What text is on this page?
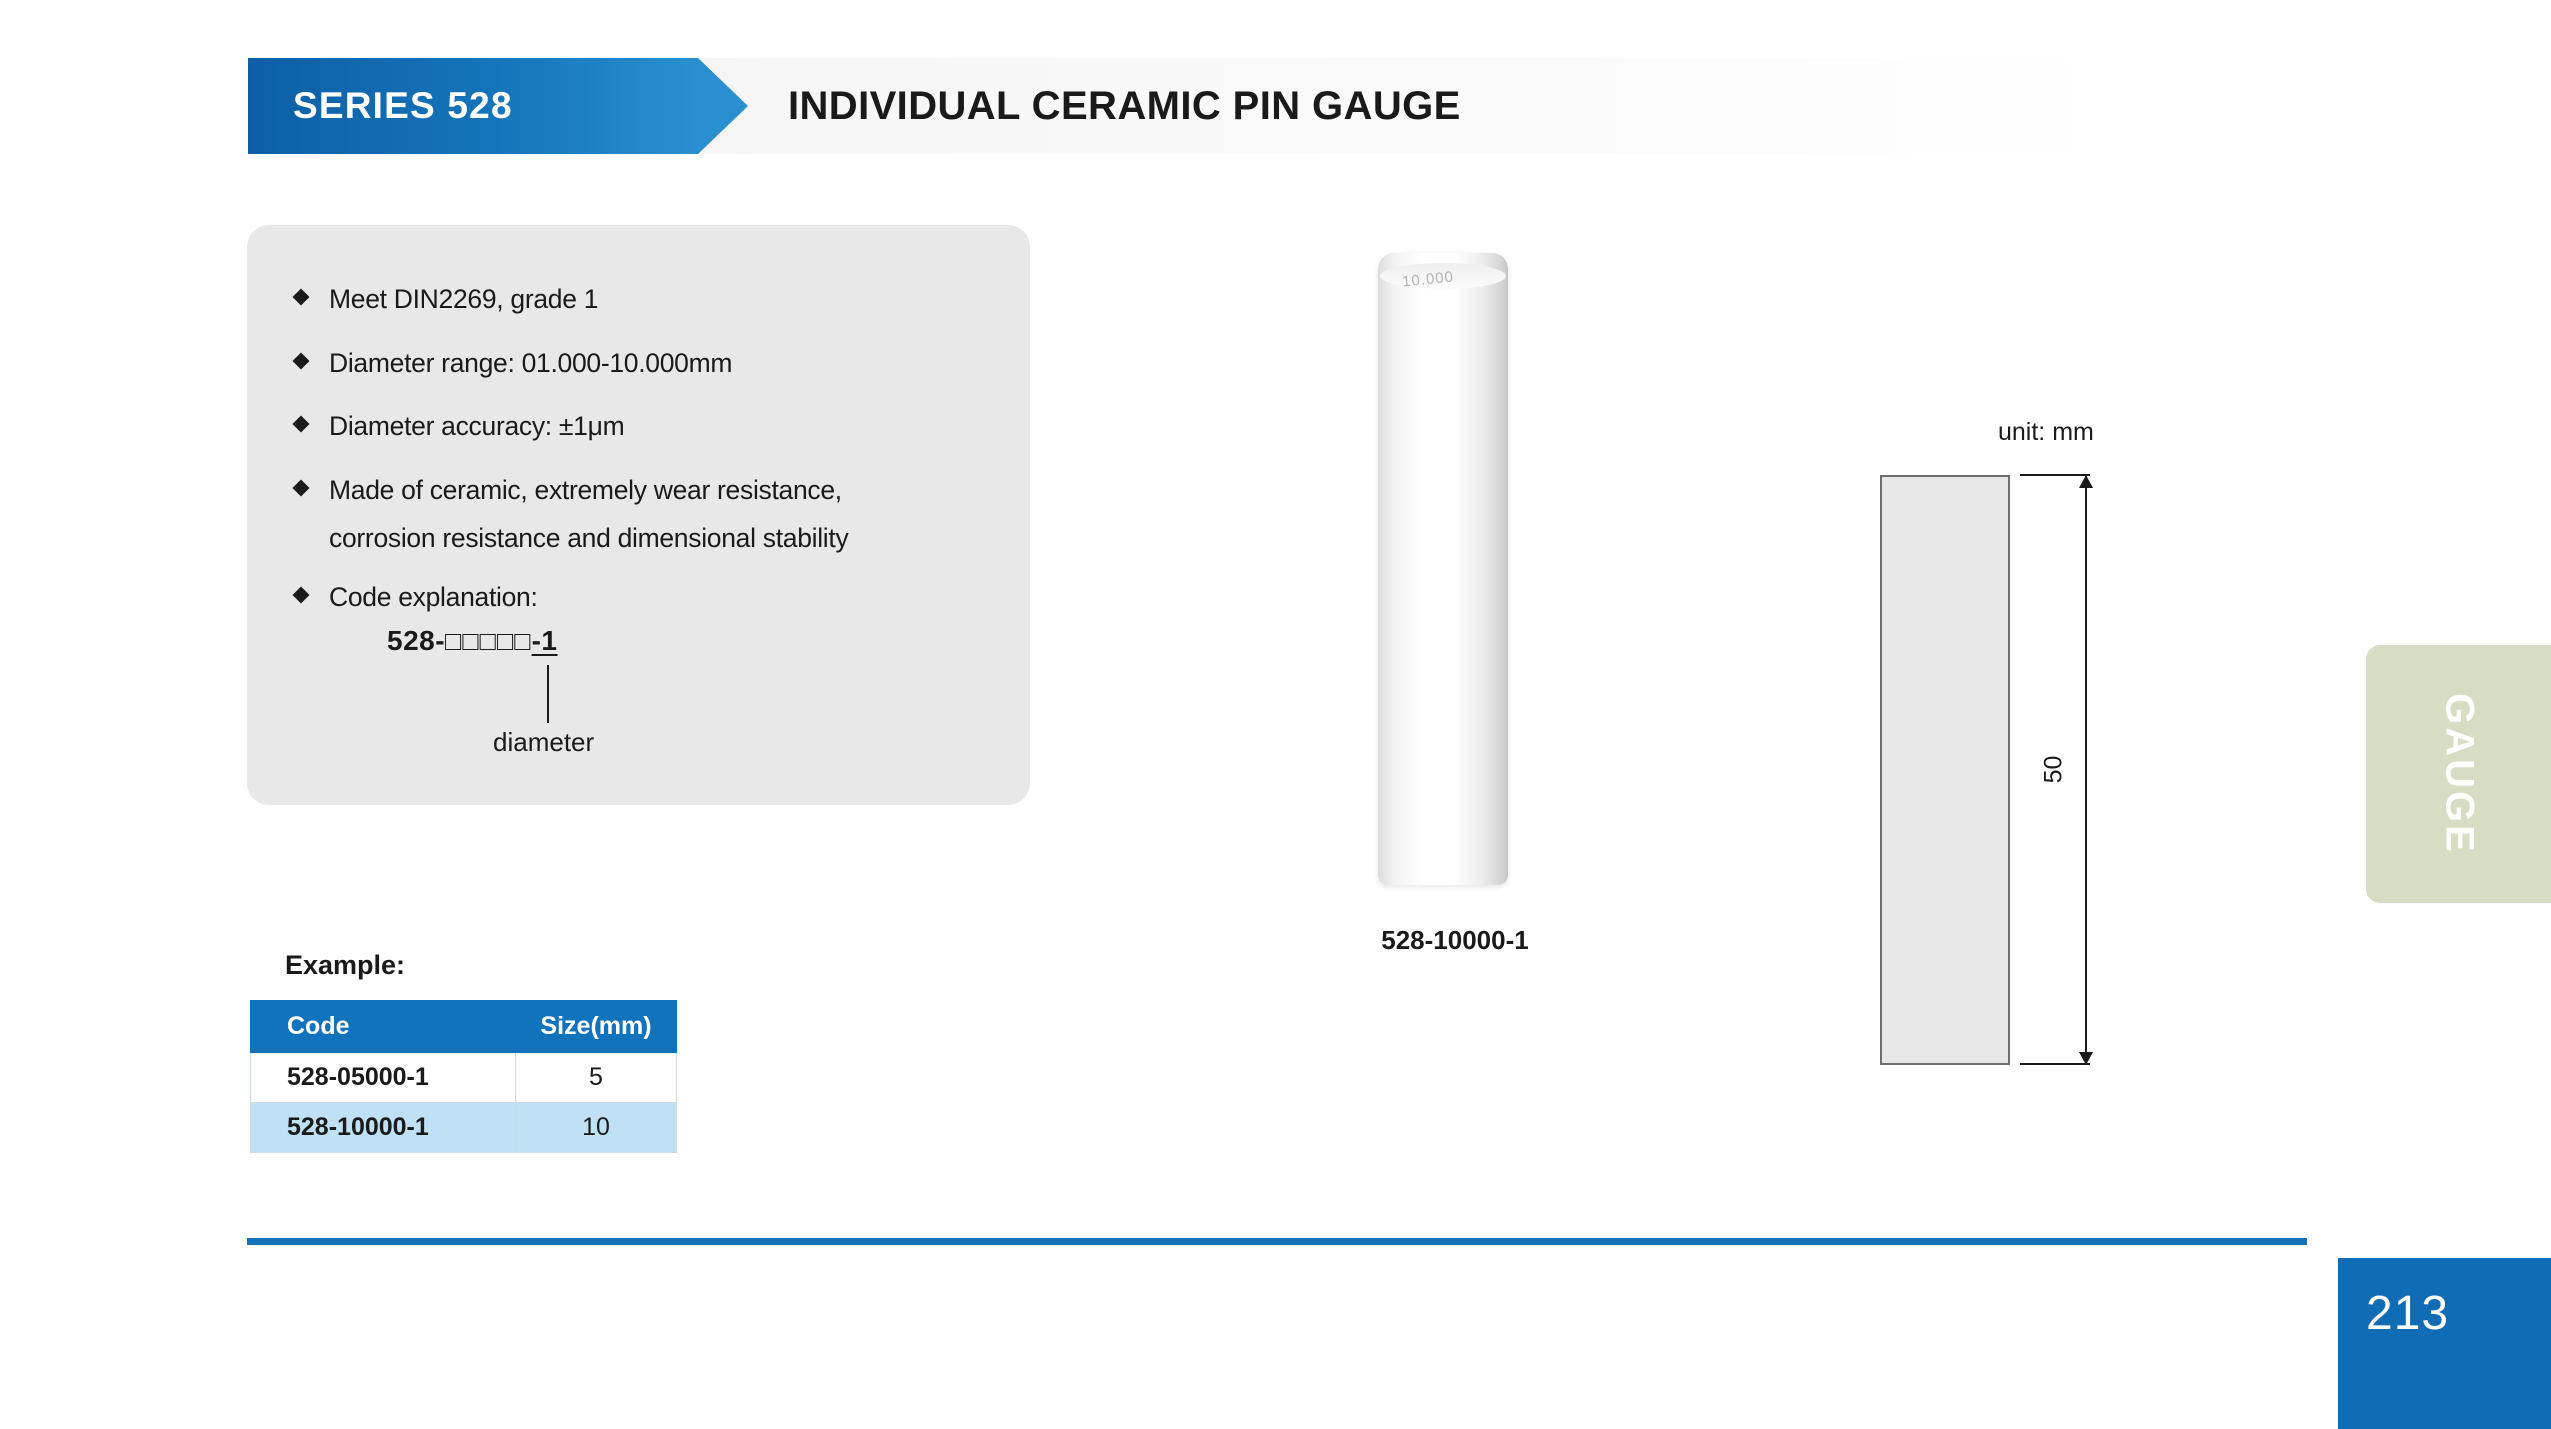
SERIES 528	INDIVIDUAL CERAMIC PIN GAUGE
Meet DIN2269, grade 1
Diameter range: 01.000-10.000mm
Diameter accuracy: ±1μm
Made of ceramic, extremely wear resistance,
corrosion resistance and dimensional stability
Code explanation:
528-□□□□□-1
diameter
Example:
Code	Size(mm)
528-05000-1	5
528-10000-1	10
10.000
528-10000-1
unit: mm
50	GAUGE
213
